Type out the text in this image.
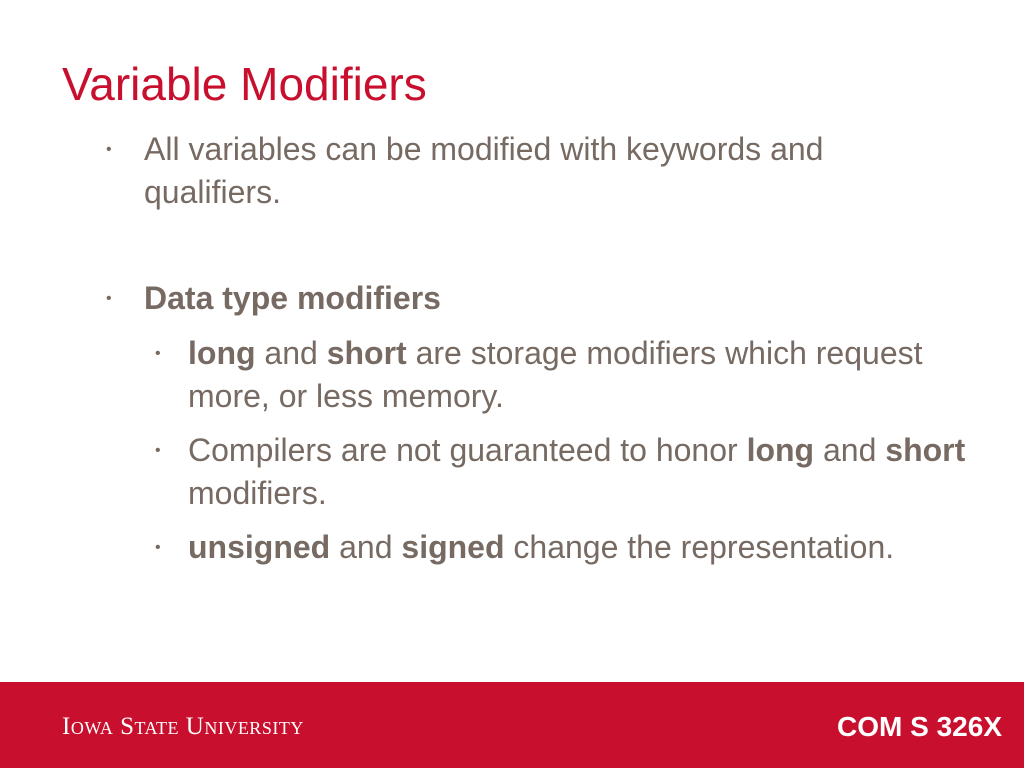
Variable Modifiers
• All variables can be modified with keywords and qualifiers.
• Data type modifiers
• long and short are storage modifiers which request more, or less memory.
• Compilers are not guaranteed to honor long and short modifiers.
• unsigned and signed change the representation.
Iowa State University	COM S 326X
